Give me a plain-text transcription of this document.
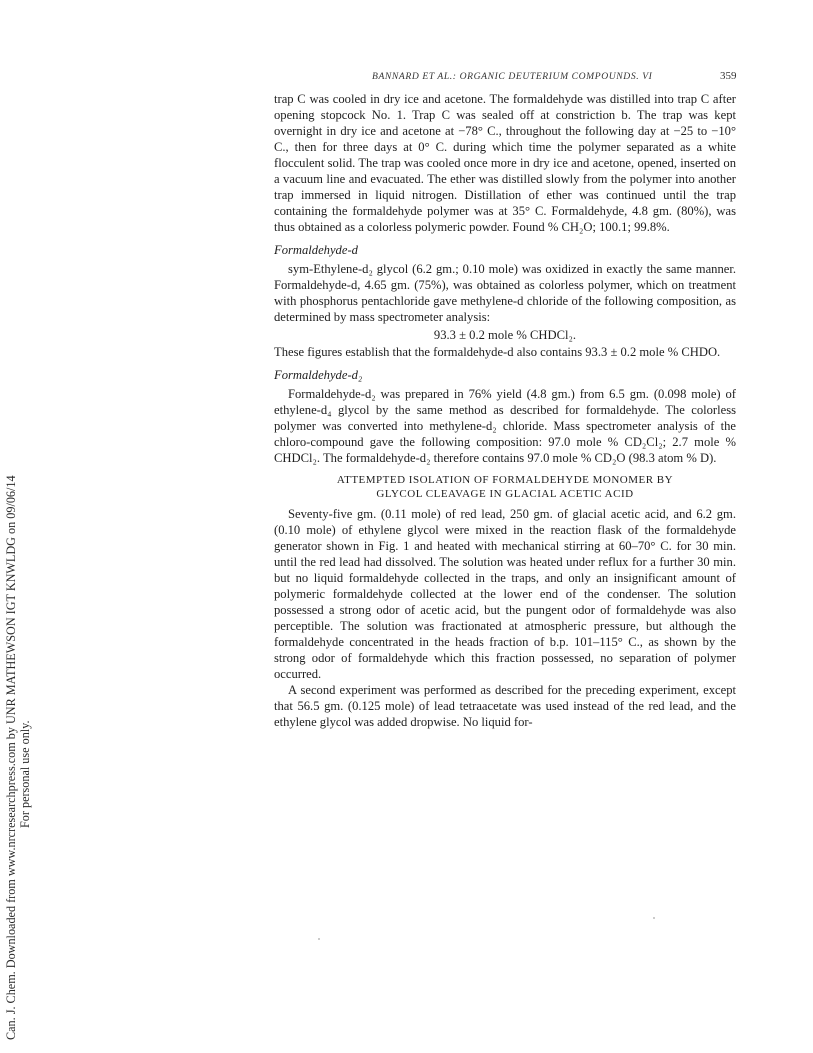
Can. J. Chem. Downloaded from www.nrcresearchpress.com by UNR MATHEWSON IGT KNWLDG on 09/06/14 For personal use only.
BANNARD ET AL.: ORGANIC DEUTERIUM COMPOUNDS. VI	359

trap C was cooled in dry ice and acetone. The formaldehyde was distilled into trap C after opening stopcock No. 1. Trap C was sealed off at constriction b. The trap was kept overnight in dry ice and acetone at −78° C., throughout the following day at −25 to −10° C., then for three days at 0° C. during which time the polymer separated as a white flocculent solid. The trap was cooled once more in dry ice and acetone, opened, inserted on a vacuum line and evacuated. The ether was distilled slowly from the polymer into another trap immersed in liquid nitrogen. Distillation of ether was continued until the trap containing the formaldehyde polymer was at 35° C. Formaldehyde, 4.8 gm. (80%), was thus obtained as a colorless polymeric powder. Found % CH₂O; 100.1; 99.8%.

Formaldehyde-d

sym-Ethylene-d₂ glycol (6.2 gm.; 0.10 mole) was oxidized in exactly the same manner. Formaldehyde-d, 4.65 gm. (75%), was obtained as colorless polymer, which on treatment with phosphorus pentachloride gave methylene-d chloride of the following composition, as determined by mass spectrometer analysis:

93.3 ± 0.2 mole % CHDCl₂.

These figures establish that the formaldehyde-d also contains 93.3 ± 0.2 mole % CHDO.

Formaldehyde-d₂

Formaldehyde-d₂ was prepared in 76% yield (4.8 gm.) from 6.5 gm. (0.098 mole) of ethylene-d₄ glycol by the same method as described for formaldehyde. The colorless polymer was converted into methylene-d₂ chloride. Mass spectrometer analysis of the chloro-compound gave the following composition: 97.0 mole % CD₂Cl₂; 2.7 mole % CHDCl₂. The formaldehyde-d₂ therefore contains 97.0 mole % CD₂O (98.3 atom % D).

ATTEMPTED ISOLATION OF FORMALDEHYDE MONOMER BY
GLYCOL CLEAVAGE IN GLACIAL ACETIC ACID

Seventy-five gm. (0.11 mole) of red lead, 250 gm. of glacial acetic acid, and 6.2 gm. (0.10 mole) of ethylene glycol were mixed in the reaction flask of the formaldehyde generator shown in Fig. 1 and heated with mechanical stirring at 60–70° C. for 30 min. until the red lead had dissolved. The solution was heated under reflux for a further 30 min. but no liquid formaldehyde collected in the traps, and only an insignificant amount of polymeric formaldehyde collected at the lower end of the condenser. The solution possessed a strong odor of acetic acid, but the pungent odor of formaldehyde was also perceptible. The solution was fractionated at atmospheric pressure, but although the formaldehyde concentrated in the heads fraction of b.p. 101–115° C., as shown by the strong odor of formaldehyde which this fraction possessed, no separation of polymer occurred.

A second experiment was performed as described for the preceding experiment, except that 56.5 gm. (0.125 mole) of lead tetraacetate was used instead of the red lead, and the ethylene glycol was added dropwise. No liquid for-
